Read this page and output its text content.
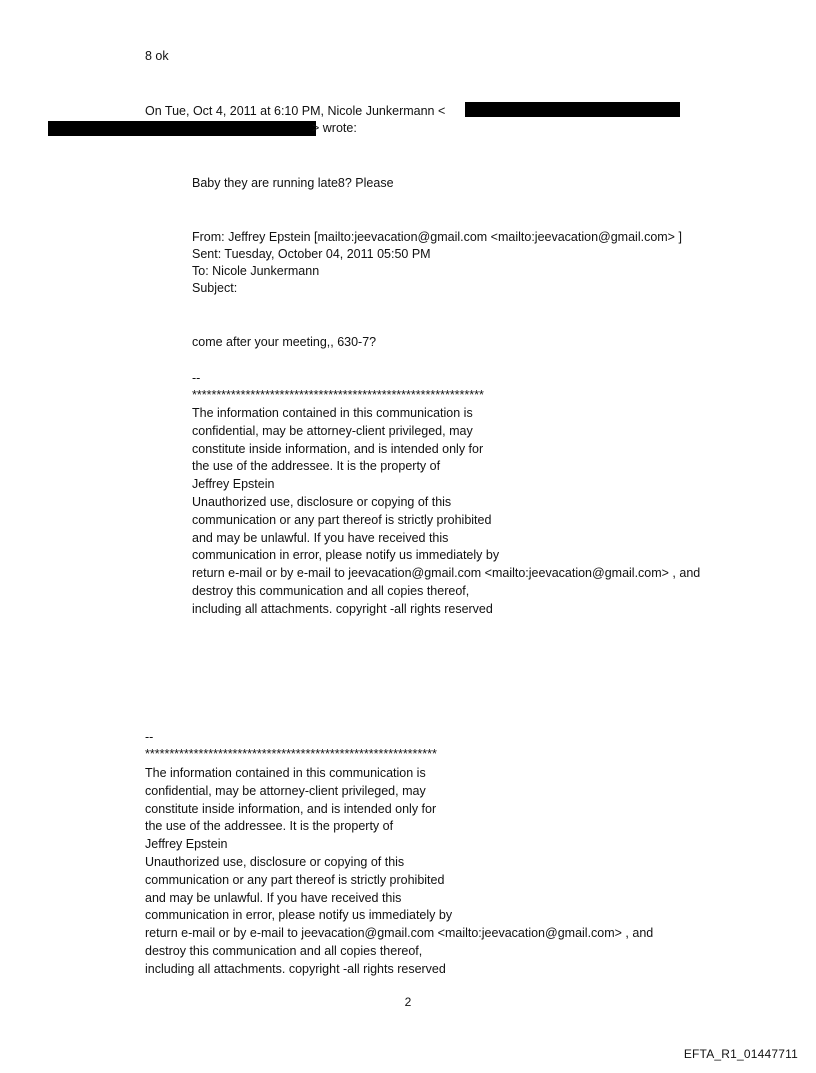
8 ok
On Tue, Oct 4, 2011 at 6:10 PM, Nicole Junkermann <
> wrote:
Baby they are running late8? Please
From: Jeffrey Epstein [mailto:jeevacation@gmail.com <mailto:jeevacation@gmail.com> ]
Sent: Tuesday, October 04, 2011 05:50 PM
To: Nicole Junkermann
Subject:
come after your meeting,, 630-7?
--
************************************************************
The information contained in this communication is
confidential, may be attorney-client privileged, may
constitute inside information, and is intended only for
the use of the addressee. It is the property of
Jeffrey Epstein
Unauthorized use, disclosure or copying of this
communication or any part thereof is strictly prohibited
and may be unlawful. If you have received this
communication in error, please notify us immediately by
return e-mail or by e-mail to jeevacation@gmail.com <mailto:jeevacation@gmail.com> , and
destroy this communication and all copies thereof,
including all attachments. copyright -all rights reserved
--
************************************************************
The information contained in this communication is
confidential, may be attorney-client privileged, may
constitute inside information, and is intended only for
the use of the addressee. It is the property of
Jeffrey Epstein
Unauthorized use, disclosure or copying of this
communication or any part thereof is strictly prohibited
and may be unlawful. If you have received this
communication in error, please notify us immediately by
return e-mail or by e-mail to jeevacation@gmail.com <mailto:jeevacation@gmail.com> , and
destroy this communication and all copies thereof,
including all attachments. copyright -all rights reserved
2
EFTA_R1_01447711
